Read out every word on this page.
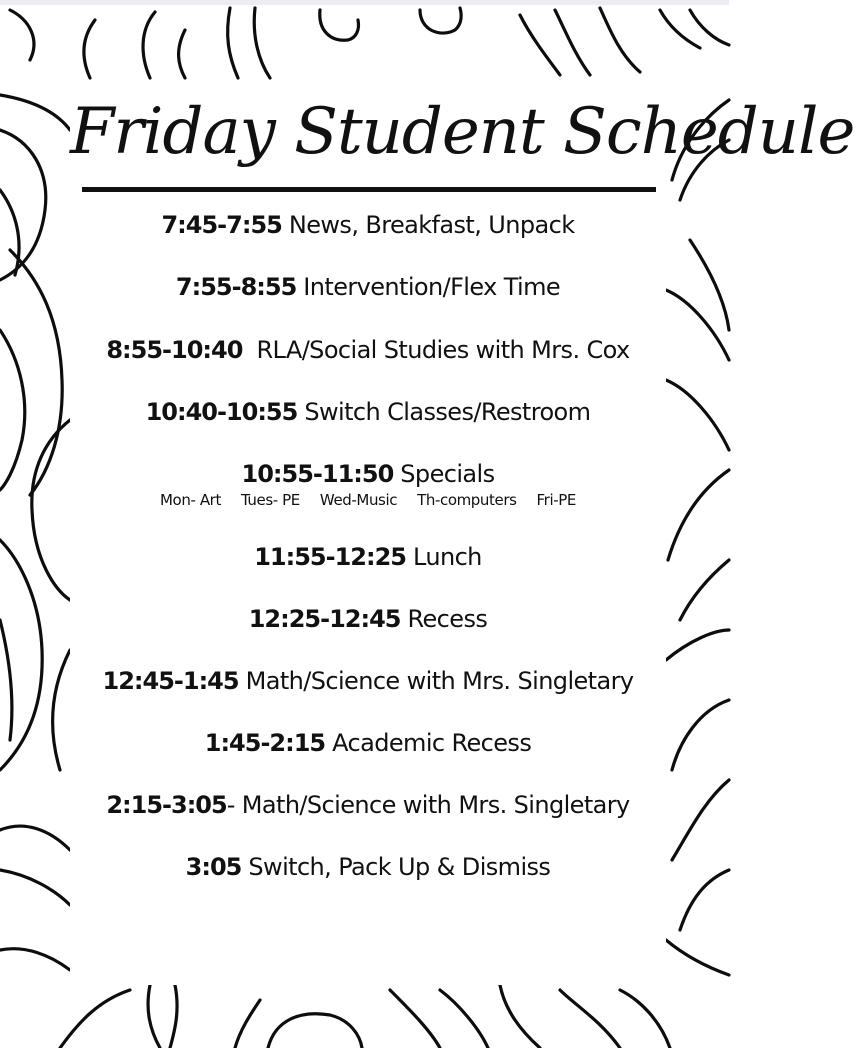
Friday Student Schedule
7:45-7:55 News, Breakfast, Unpack
7:55-8:55 Intervention/Flex Time
8:55-10:40  RLA/Social Studies with Mrs. Cox
10:40-10:55 Switch Classes/Restroom
10:55-11:50 Specials
Mon- Art Tues- PE Wed-Music Th-computers Fri-PE
11:55-12:25 Lunch
12:25-12:45 Recess
12:45-1:45 Math/Science with Mrs. Singletary
1:45-2:15 Academic Recess
2:15-3:05- Math/Science with Mrs. Singletary
3:05 Switch, Pack Up & Dismiss
